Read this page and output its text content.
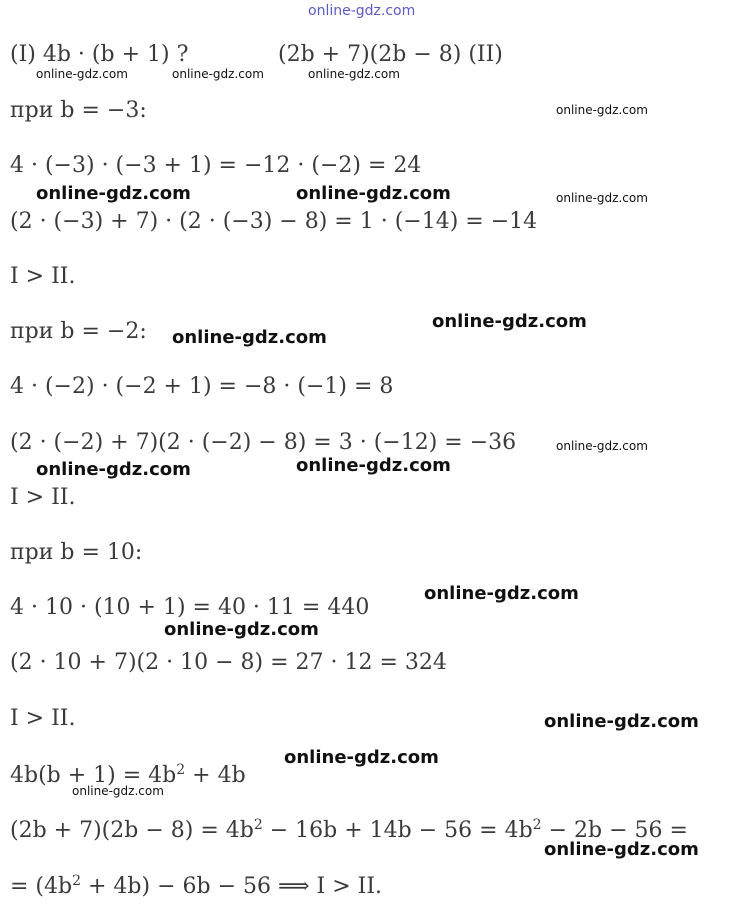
online-gdz.com
(I) 4b · (b + 1) ?	(2b + 7)(2b − 8) (II)
при b = −3:
4 · (−3) · (−3 + 1) = −12 · (−2) = 24
(2 · (−3) + 7) · (2 · (−3) − 8) = 1 · (−14) = −14
I > II.
при b = −2:
4 · (−2) · (−2 + 1) = −8 · (−1) = 8
(2 · (−2) + 7)(2 · (−2) − 8) = 3 · (−12) = −36
I > II.
при b = 10:
4 · 10 · (10 + 1) = 40 · 11 = 440
(2 · 10 + 7)(2 · 10 − 8) = 27 · 12 = 324
I > II.
$4b(b + 1) = 4b^2 + 4b$
$(2b + 7)(2b - 8) = 4b^2 - 16b + 14b - 56 = 4b^2 - 2b - 56$ =
= $(4b^2 + 4b) - 6b - 56$ ⟹ I > II.
online-gdz.com	online-gdz.com	online-gdz.com
online-gdz.com
online-gdz.com	online-gdz.com	online-gdz.com
online-gdz.com
online-gdz.com
online-gdz.com
online-gdz.com
online-gdz.com
online-gdz.com
online-gdz.com
online-gdz.com
online-gdz.com
online-gdz.com
online-gdz.com
